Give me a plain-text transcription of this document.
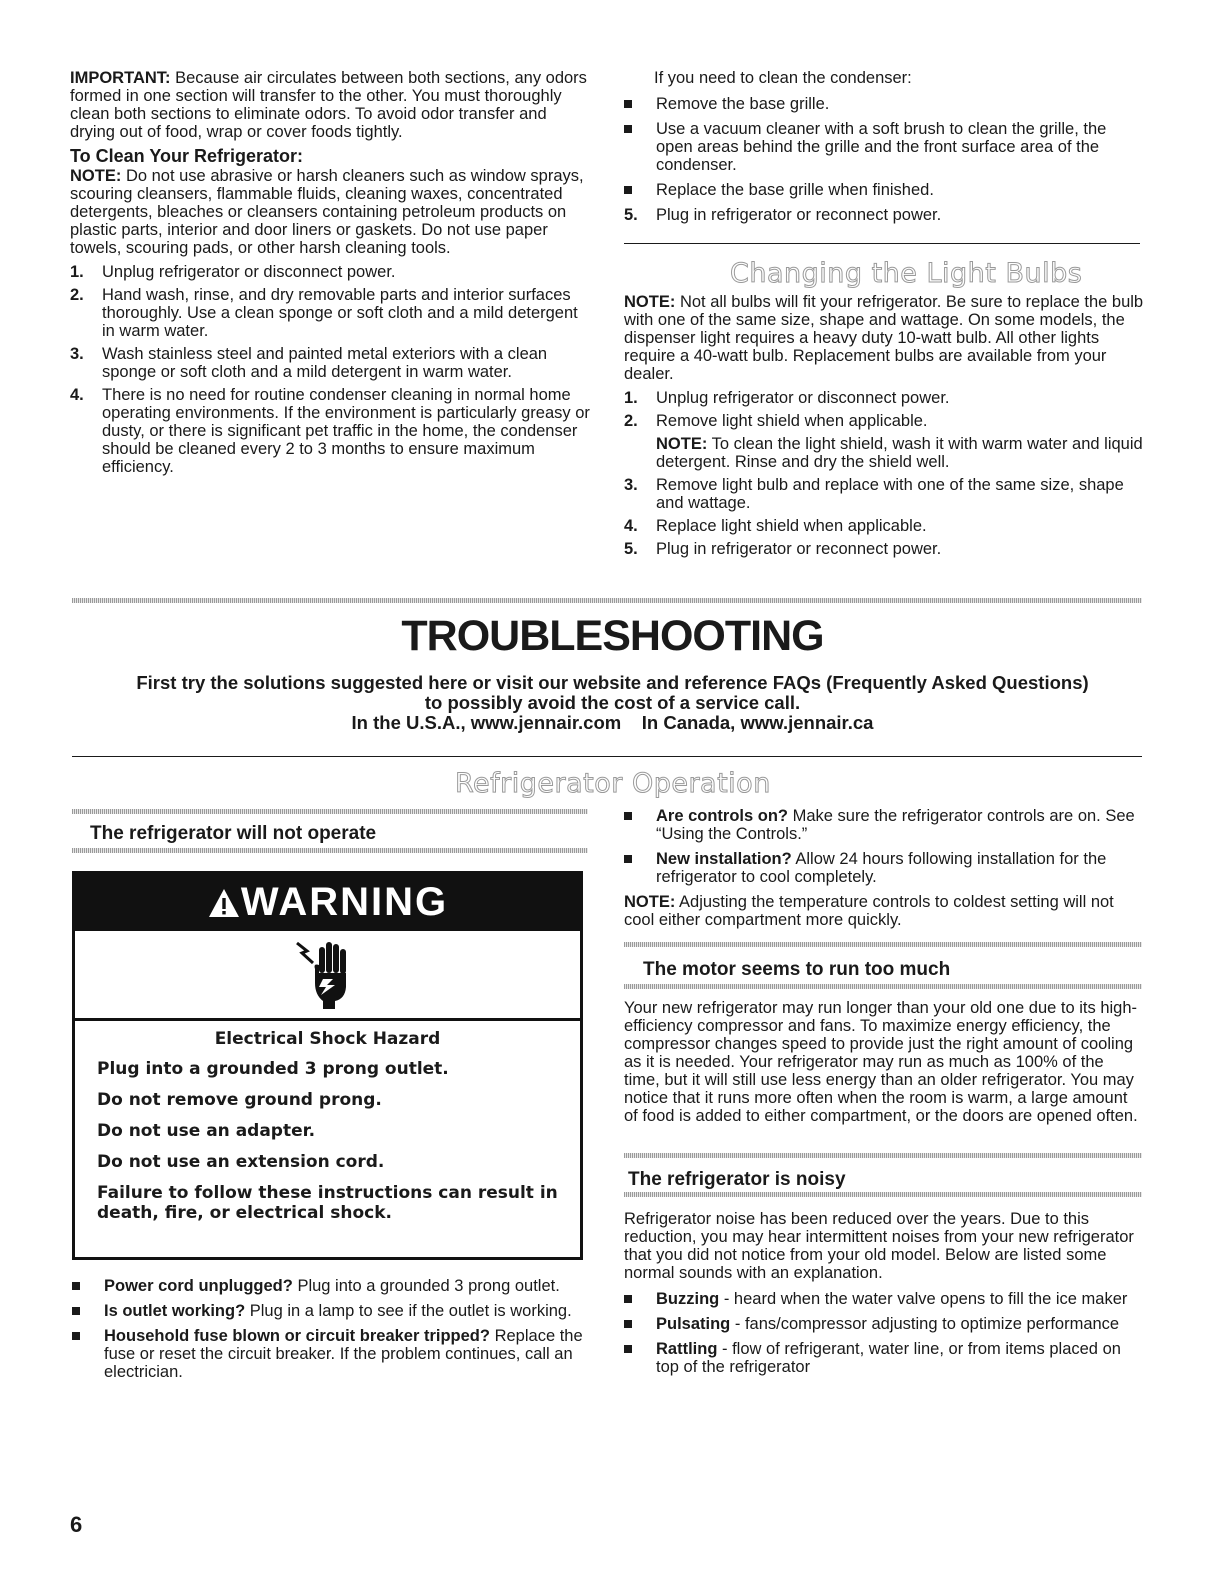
IMPORTANT: Because air circulates between both sections, any odors formed in one section will transfer to the other. You must thoroughly clean both sections to eliminate odors. To avoid odor transfer and drying out of food, wrap or cover foods tightly.

To Clean Your Refrigerator:

NOTE: Do not use abrasive or harsh cleaners such as window sprays, scouring cleansers, flammable fluids, cleaning waxes, concentrated detergents, bleaches or cleansers containing petroleum products on plastic parts, interior and door liners or gaskets. Do not use paper towels, scouring pads, or other harsh cleaning tools.

1.	Unplug refrigerator or disconnect power.
2.	Hand wash, rinse, and dry removable parts and interior surfaces thoroughly. Use a clean sponge or soft cloth and a mild detergent in warm water.
3.	Wash stainless steel and painted metal exteriors with a clean sponge or soft cloth and a mild detergent in warm water.
4.	There is no need for routine condenser cleaning in normal home operating environments. If the environment is particularly greasy or dusty, or there is significant pet traffic in the home, the condenser should be cleaned every 2 to 3 months to ensure maximum efficiency.

If you need to clean the condenser:

Remove the base grille.
Use a vacuum cleaner with a soft brush to clean the grille, the open areas behind the grille and the front surface area of the condenser.
Replace the base grille when finished.
5.	Plug in refrigerator or reconnect power.
Changing the Light Bulbs

NOTE: Not all bulbs will fit your refrigerator. Be sure to replace the bulb with one of the same size, shape and wattage. On some models, the dispenser light requires a heavy duty 10-watt bulb. All other lights require a 40-watt bulb. Replacement bulbs are available from your dealer.

1.	Unplug refrigerator or disconnect power.
2.	Remove light shield when applicable.
NOTE: To clean the light shield, wash it with warm water and liquid detergent. Rinse and dry the shield well.
3.	Remove light bulb and replace with one of the same size, shape and wattage.
4.	Replace light shield when applicable.
5.	Plug in refrigerator or reconnect power.
TROUBLESHOOTING
First try the solutions suggested here or visit our website and reference FAQs (Frequently Asked Questions)
to possibly avoid the cost of a service call.
In the U.S.A., www.jennair.com    In Canada, www.jennair.ca
Refrigerator Operation
The refrigerator will not operate
WARNING
Electrical Shock Hazard
Plug into a grounded 3 prong outlet.
Do not remove ground prong.
Do not use an adapter.
Do not use an extension cord.
Failure to follow these instructions can result in death, fire, or electrical shock.
Power cord unplugged? Plug into a grounded 3 prong outlet.
Is outlet working? Plug in a lamp to see if the outlet is working.
Household fuse blown or circuit breaker tripped? Replace the fuse or reset the circuit breaker. If the problem continues, call an electrician.
Are controls on? Make sure the refrigerator controls are on. See “Using the Controls.”
New installation? Allow 24 hours following installation for the refrigerator to cool completely.

NOTE: Adjusting the temperature controls to coldest setting will not cool either compartment more quickly.

The motor seems to run too much

Your new refrigerator may run longer than your old one due to its high-efficiency compressor and fans. To maximize energy efficiency, the compressor changes speed to provide just the right amount of cooling as it is needed. Your refrigerator may run as much as 100% of the time, but it will still use less energy than an older refrigerator. You may notice that it runs more often when the room is warm, a large amount of food is added to either compartment, or the doors are opened often.

The refrigerator is noisy

Refrigerator noise has been reduced over the years. Due to this reduction, you may hear intermittent noises from your new refrigerator that you did not notice from your old model. Below are listed some normal sounds with an explanation.

Buzzing - heard when the water valve opens to fill the ice maker
Pulsating - fans/compressor adjusting to optimize performance
Rattling - flow of refrigerant, water line, or from items placed on top of the refrigerator
6
